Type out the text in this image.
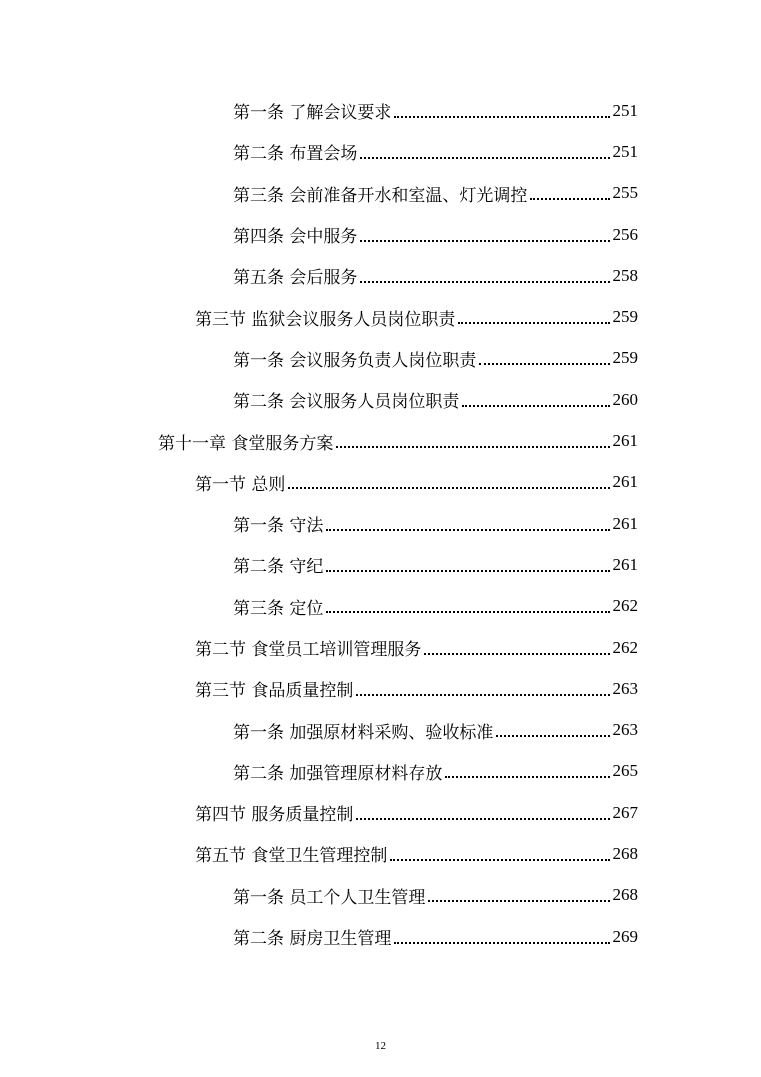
第一条 了解会议要求	251
第二条 布置会场	251
第三条 会前准备开水和室温、灯光调控	255
第四条 会中服务	256
第五条 会后服务	258
第三节 监狱会议服务人员岗位职责	259
第一条 会议服务负责人岗位职责	259
第二条 会议服务人员岗位职责	260
第十一章 食堂服务方案	261
第一节 总则	261
第一条 守法	261
第二条 守纪	261
第三条 定位	262
第二节 食堂员工培训管理服务	262
第三节 食品质量控制	263
第一条 加强原材料采购、验收标准	263
第二条 加强管理原材料存放	265
第四节 服务质量控制	267
第五节 食堂卫生管理控制	268
第一条 员工个人卫生管理	268
第二条 厨房卫生管理	269
12
